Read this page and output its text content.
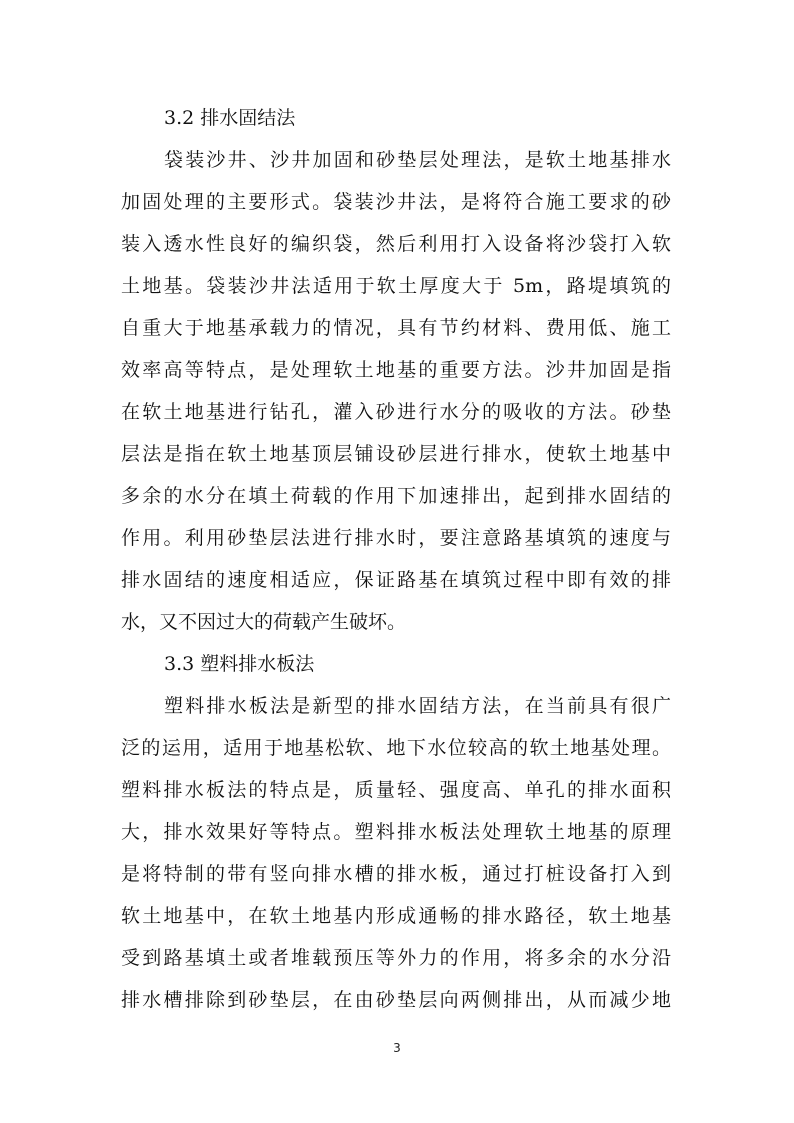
3.2 排水固结法
袋装沙井、沙井加固和砂垫层处理法，是软土地基排水
加固处理的主要形式。袋装沙井法，是将符合施工要求的砂
装入透水性良好的编织袋，然后利用打入设备将沙袋打入软
土地基。袋装沙井法适用于软土厚度大于 5m，路堤填筑的
自重大于地基承载力的情况，具有节约材料、费用低、施工
效率高等特点，是处理软土地基的重要方法。沙井加固是指
在软土地基进行钻孔，灌入砂进行水分的吸收的方法。砂垫
层法是指在软土地基顶层铺设砂层进行排水，使软土地基中
多余的水分在填土荷载的作用下加速排出，起到排水固结的
作用。利用砂垫层法进行排水时，要注意路基填筑的速度与
排水固结的速度相适应，保证路基在填筑过程中即有效的排
水，又不因过大的荷载产生破坏。
3.3 塑料排水板法
塑料排水板法是新型的排水固结方法，在当前具有很广
泛的运用，适用于地基松软、地下水位较高的软土地基处理。
塑料排水板法的特点是，质量轻、强度高、单孔的排水面积
大，排水效果好等特点。塑料排水板法处理软土地基的原理
是将特制的带有竖向排水槽的排水板，通过打桩设备打入到
软土地基中，在软土地基内形成通畅的排水路径，软土地基
受到路基填土或者堆载预压等外力的作用，将多余的水分沿
排水槽排除到砂垫层，在由砂垫层向两侧排出，从而减少地
3
